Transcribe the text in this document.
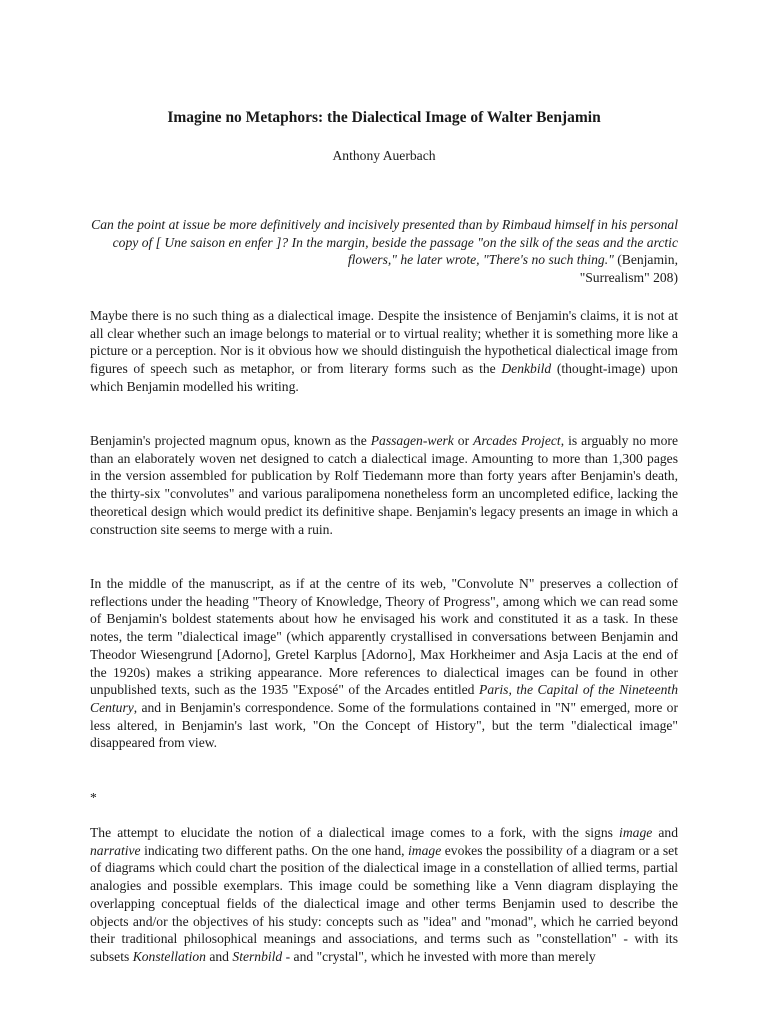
Imagine no Metaphors: the Dialectical Image of Walter Benjamin
Anthony Auerbach
Can the point at issue be more definitively and incisively presented than by Rimbaud himself in his personal copy of [ Une saison en enfer ]? In the margin, beside the passage "on the silk of the seas and the arctic flowers," he later wrote, "There's no such thing." (Benjamin,
"Surrealism" 208)

Maybe there is no such thing as a dialectical image. Despite the insistence of Benjamin's claims, it is not at all clear whether such an image belongs to material or to virtual reality; whether it is something more like a picture or a perception. Nor is it obvious how we should distinguish the hypothetical dialectical image from figures of speech such as metaphor, or from literary forms such as the Denkbild (thought-image) upon which Benjamin modelled his writing.

Benjamin's projected magnum opus, known as the Passagen-werk or Arcades Project, is arguably no more than an elaborately woven net designed to catch a dialectical image. Amounting to more than 1,300 pages in the version assembled for publication by Rolf Tiedemann more than forty years after Benjamin's death, the thirty-six "convolutes" and various paralipomena nonetheless form an uncompleted edifice, lacking the theoretical design which would predict its definitive shape. Benjamin's legacy presents an image in which a construction site seems to merge with a ruin.

In the middle of the manuscript, as if at the centre of its web, "Convolute N" preserves a collection of reflections under the heading "Theory of Knowledge, Theory of Progress", among which we can read some of Benjamin's boldest statements about how he envisaged his work and constituted it as a task. In these notes, the term "dialectical image" (which apparently crystallised in conversations between Benjamin and Theodor Wiesengrund [Adorno], Gretel Karplus [Adorno], Max Horkheimer and Asja Lacis at the end of the 1920s) makes a striking appearance. More references to dialectical images can be found in other unpublished texts, such as the 1935 "Exposé" of the Arcades entitled Paris, the Capital of the Nineteenth Century, and in Benjamin's correspondence. Some of the formulations contained in "N" emerged, more or less altered, in Benjamin's last work, "On the Concept of History", but the term "dialectical image" disappeared from view.

*

The attempt to elucidate the notion of a dialectical image comes to a fork, with the signs image and narrative indicating two different paths. On the one hand, image evokes the possibility of a diagram or a set of diagrams which could chart the position of the dialectical image in a constellation of allied terms, partial analogies and possible exemplars. This image could be something like a Venn diagram displaying the overlapping conceptual fields of the dialectical image and other terms Benjamin used to describe the objects and/or the objectives of his study: concepts such as "idea" and "monad", which he carried beyond their traditional philosophical meanings and associations, and terms such as "constellation" - with its subsets Konstellation and Sternbild - and "crystal", which he invested with more than merely
